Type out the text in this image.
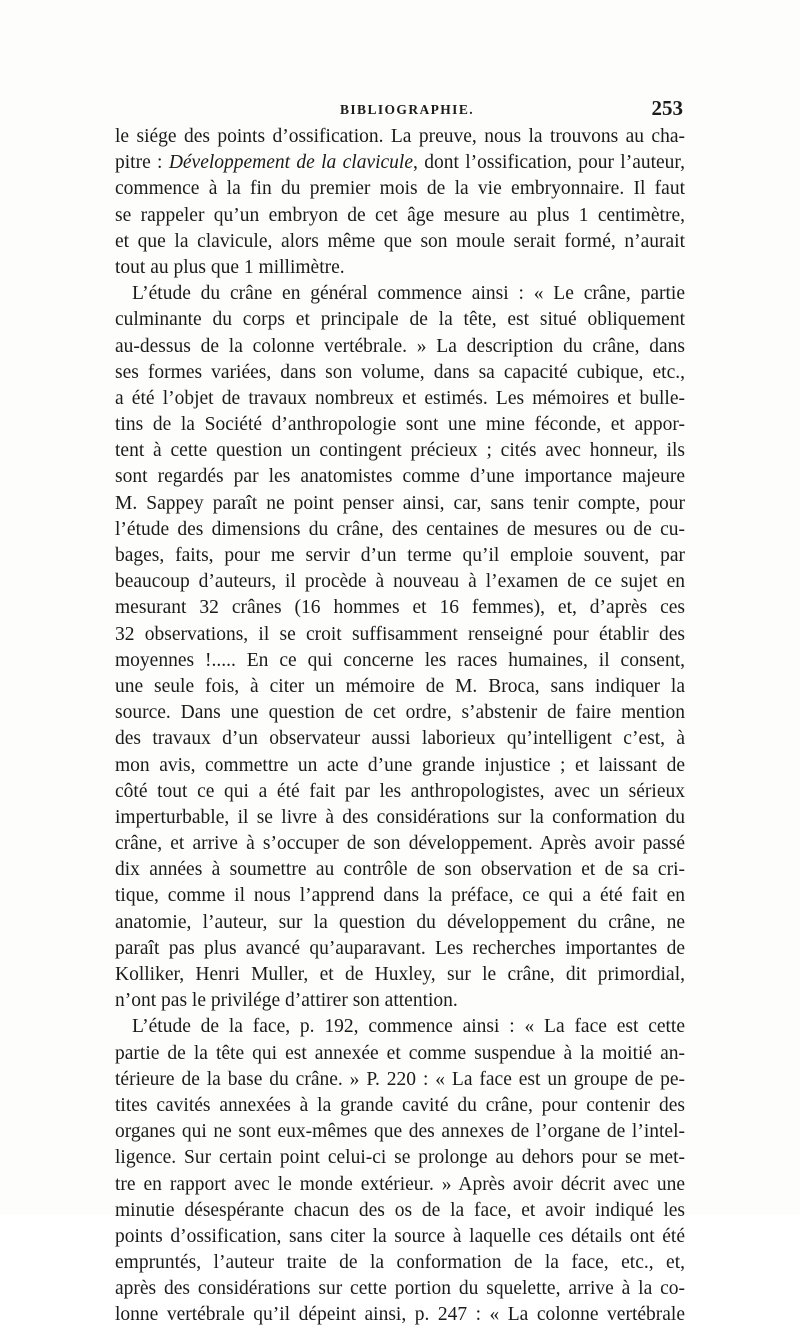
BIBLIOGRAPHIE.	253
le siége des points d’ossification. La preuve, nous la trouvons au cha-
pitre : Développement de la clavicule, dont l’ossification, pour l’auteur,
commence à la fin du premier mois de la vie embryonnaire. Il faut
se rappeler qu’un embryon de cet âge mesure au plus 1 centimètre,
et que la clavicule, alors même que son moule serait formé, n’aurait
tout au plus que 1 millimètre.
L’étude du crâne en général commence ainsi : « Le crâne, partie
culminante du corps et principale de la tête, est situé obliquement
au-dessus de la colonne vertébrale. » La description du crâne, dans
ses formes variées, dans son volume, dans sa capacité cubique, etc.,
a été l’objet de travaux nombreux et estimés. Les mémoires et bulle-
tins de la Société d’anthropologie sont une mine féconde, et appor-
tent à cette question un contingent précieux ; cités avec honneur, ils
sont regardés par les anatomistes comme d’une importance majeure
M. Sappey paraît ne point penser ainsi, car, sans tenir compte, pour
l’étude des dimensions du crâne, des centaines de mesures ou de cu-
bages, faits, pour me servir d’un terme qu’il emploie souvent, par
beaucoup d’auteurs, il procède à nouveau à l’examen de ce sujet en
mesurant 32 crânes (16 hommes et 16 femmes), et, d’après ces
32 observations, il se croit suffisamment renseigné pour établir des
moyennes !..... En ce qui concerne les races humaines, il consent,
une seule fois, à citer un mémoire de M. Broca, sans indiquer la
source. Dans une question de cet ordre, s’abstenir de faire mention
des travaux d’un observateur aussi laborieux qu’intelligent c’est, à
mon avis, commettre un acte d’une grande injustice ; et laissant de
côté tout ce qui a été fait par les anthropologistes, avec un sérieux
imperturbable, il se livre à des considérations sur la conformation du
crâne, et arrive à s’occuper de son développement. Après avoir passé
dix années à soumettre au contrôle de son observation et de sa cri-
tique, comme il nous l’apprend dans la préface, ce qui a été fait en
anatomie, l’auteur, sur la question du développement du crâne, ne
paraît pas plus avancé qu’auparavant. Les recherches importantes de
Kolliker, Henri Muller, et de Huxley, sur le crâne, dit primordial,
n’ont pas le privilége d’attirer son attention.
L’étude de la face, p. 192, commence ainsi : « La face est cette
partie de la tête qui est annexée et comme suspendue à la moitié an-
térieure de la base du crâne. » P. 220 : « La face est un groupe de pe-
tites cavités annexées à la grande cavité du crâne, pour contenir des
organes qui ne sont eux-mêmes que des annexes de l’organe de l’intel-
ligence. Sur certain point celui-ci se prolonge au dehors pour se met-
tre en rapport avec le monde extérieur. » Après avoir décrit avec une
minutie désespérante chacun des os de la face, et avoir indiqué les
points d’ossification, sans citer la source à laquelle ces détails ont été
empruntés, l’auteur traite de la conformation de la face, etc., et,
après des considérations sur cette portion du squelette, arrive à la co-
lonne vertébrale qu’il dépeint ainsi, p. 247 : « La colonne vertébrale
